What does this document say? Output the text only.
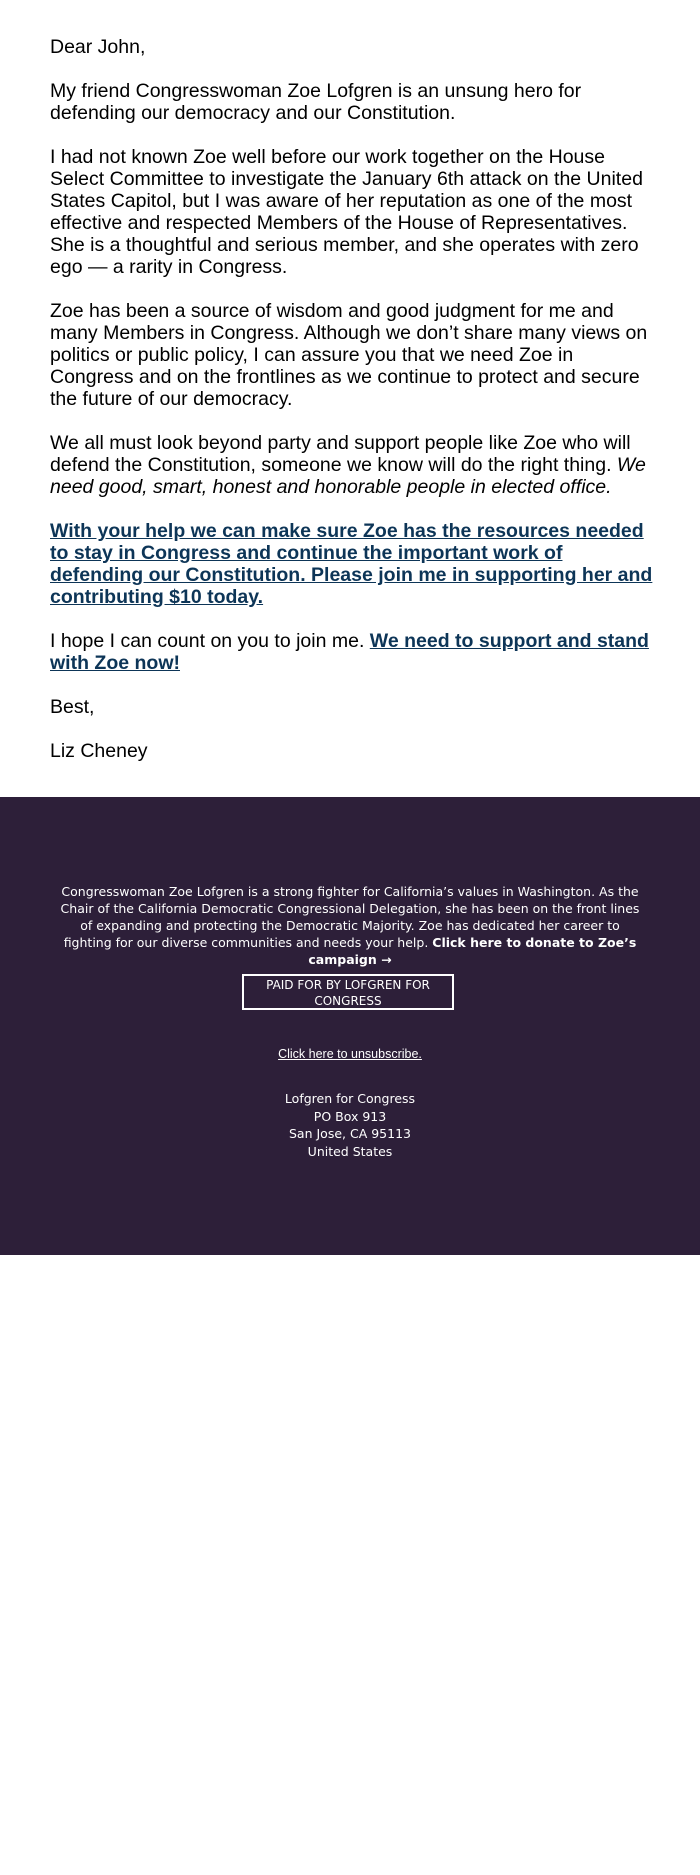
Dear John,

My friend Congresswoman Zoe Lofgren is an unsung hero for defending our democracy and our Constitution.

I had not known Zoe well before our work together on the House Select Committee to investigate the January 6th attack on the United States Capitol, but I was aware of her reputation as one of the most effective and respected Members of the House of Representatives. She is a thoughtful and serious member, and she operates with zero ego — a rarity in Congress.

Zoe has been a source of wisdom and good judgment for me and many Members in Congress. Although we don’t share many views on politics or public policy, I can assure you that we need Zoe in Congress and on the frontlines as we continue to protect and secure the future of our democracy.

We all must look beyond party and support people like Zoe who will defend the Constitution, someone we know will do the right thing. We need good, smart, honest and honorable people in elected office.

With your help we can make sure Zoe has the resources needed to stay in Congress and continue the important work of defending our Constitution. Please join me in supporting her and contributing $10 today.

I hope I can count on you to join me. We need to support and stand with Zoe now!

Best,

Liz Cheney

Congresswoman Zoe Lofgren is a strong fighter for California’s values in Washington. As the Chair of the California Democratic Congressional Delegation, she has been on the front lines of expanding and protecting the Democratic Majority. Zoe has dedicated her career to fighting for our diverse communities and needs your help. Click here to donate to Zoe’s campaign →
PAID FOR BY LOFGREN FOR CONGRESS
Click here to unsubscribe.
Lofgren for Congress
PO Box 913
San Jose, CA 95113
United States
